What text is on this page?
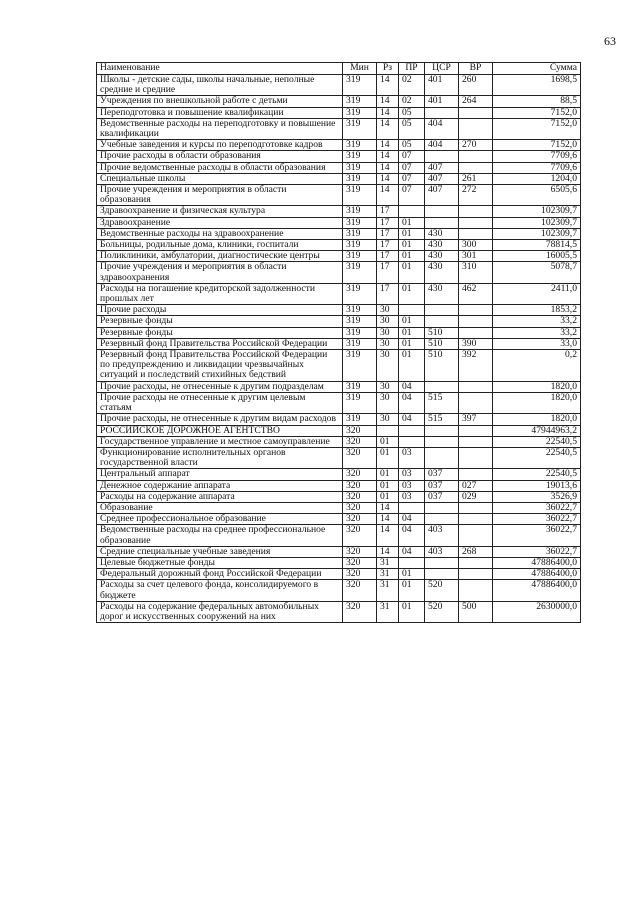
63
Наименование	Мин	Рз	ПР	ЦСР	ВР	Сумма
Школы - детские сады, школы начальные, неполные средние и средние	319	14	02	401	260	1698,5
Учреждения по внешкольной работе с детьми	319	14	02	401	264	88,5
Переподготовка и повышение квалификации	319	14	05			7152,0
Ведомственные расходы на переподготовку и повышение квалификации	319	14	05	404		7152,0
Учебные заведения и курсы по переподготовке кадров	319	14	05	404	270	7152,0
Прочие расходы в области образования	319	14	07			7709,6
Прочие ведомственные расходы в области образования	319	14	07	407		7709,6
Специальные школы	319	14	07	407	261	1204,0
Прочие учреждения и мероприятия в области образования	319	14	07	407	272	6505,6
Здравоохранение и физическая культура	319	17				102309,7
Здравоохранение	319	17	01			102309,7
Ведомственные расходы на здравоохранение	319	17	01	430		102309,7
Больницы, родильные дома, клиники, госпитали	319	17	01	430	300	78814,5
Поликлиники, амбулатории, диагностические центры	319	17	01	430	301	16005,5
Прочие учреждения и мероприятия в области здравоохранения	319	17	01	430	310	5078,7
Расходы на погашение кредиторской задолженности прошлых лет	319	17	01	430	462	2411,0
Прочие расходы	319	30				1853,2
Резервные фонды	319	30	01			33,2
Резервные фонды	319	30	01	510		33,2
Резервный фонд Правительства Российской Федерации	319	30	01	510	390	33,0
Резервный фонд Правительства Российской Федерации по предупреждению и ликвидации чрезвычайных ситуаций и последствий стихийных бедствий	319	30	01	510	392	0,2
Прочие расходы, не отнесенные к другим подразделам	319	30	04			1820,0
Прочие расходы не отнесенные к другим целевым статьям	319	30	04	515		1820,0
Прочие расходы, не отнесенные к другим видам расходов	319	30	04	515	397	1820,0
РОССИЙСКОЕ ДОРОЖНОЕ АГЕНТСТВО	320					47944963,2
Государственное управление и местное самоуправление	320	01				22540,5
Функционирование исполнительных органов государственной власти	320	01	03			22540,5
Центральный аппарат	320	01	03	037		22540,5
Денежное содержание аппарата	320	01	03	037	027	19013,6
Расходы на содержание аппарата	320	01	03	037	029	3526,9
Образование	320	14				36022,7
Среднее профессиональное образование	320	14	04			36022,7
Ведомственные расходы на среднее профессиональное образование	320	14	04	403		36022,7
Средние специальные учебные заведения	320	14	04	403	268	36022,7
Целевые бюджетные фонды	320	31				47886400,0
Федеральный дорожный фонд Российской Федерации	320	31	01			47886400,0
Расходы за счет целевого фонда, консолидируемого в бюджете	320	31	01	520		47886400,0
Расходы на содержание федеральных автомобильных дорог и искусственных сооружений на них	320	31	01	520	500	2630000,0
